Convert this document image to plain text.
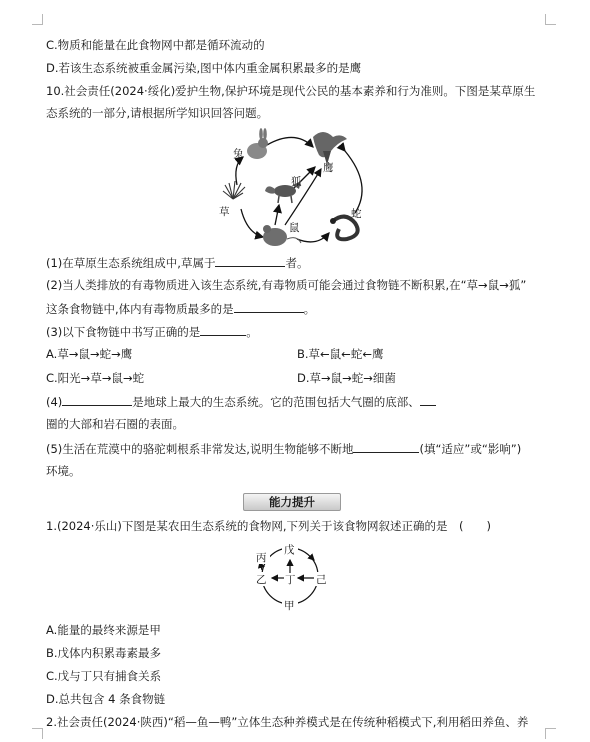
C.物质和能量在此食物网中都是循环流动的
D.若该生态系统被重金属污染,图中体内重金属积累最多的是鹰
10.社会责任(2024·绥化)爱护生物,保护环境是现代公民的基本素养和行为准则。下图是某草原生
态系统的一部分,请根据所学知识回答问题。
兔
鹰
狐
草	蛇
鼠
(1)在草原生态系统组成中,草属于	者。
(2)当人类排放的有毒物质进入该生态系统,有毒物质可能会通过食物链不断积累,在“草→鼠→狐”
这条食物链中,体内有毒物质最多的是	。
(3)以下食物链中书写正确的是	。
A.草→鼠→蛇→鹰	B.草←鼠←蛇←鹰
C.阳光→草→鼠→蛇	D.草→鼠→蛇→细菌
(4)	是地球上最大的生态系统。它的范围包括大气圈的底部、
圈的大部和岩石圈的表面。
(5)生活在荒漠中的骆驼刺根系非常发达,说明生物能够不断地	(填“适应”或“影响”)
环境。
能力提升
1.(2024·乐山)下图是某农田生态系统的食物网,下列关于该食物网叙述正确的是　(　　)
戊
丙
乙 丁 己
甲
A.能量的最终来源是甲
B.戊体内积累毒素最多
C.戊与丁只有捕食关系
D.总共包含 4 条食物链
2.社会责任(2024·陕西)“稻—鱼—鸭”立体生态种养模式是在传统种稻模式下,利用稻田养鱼、养
